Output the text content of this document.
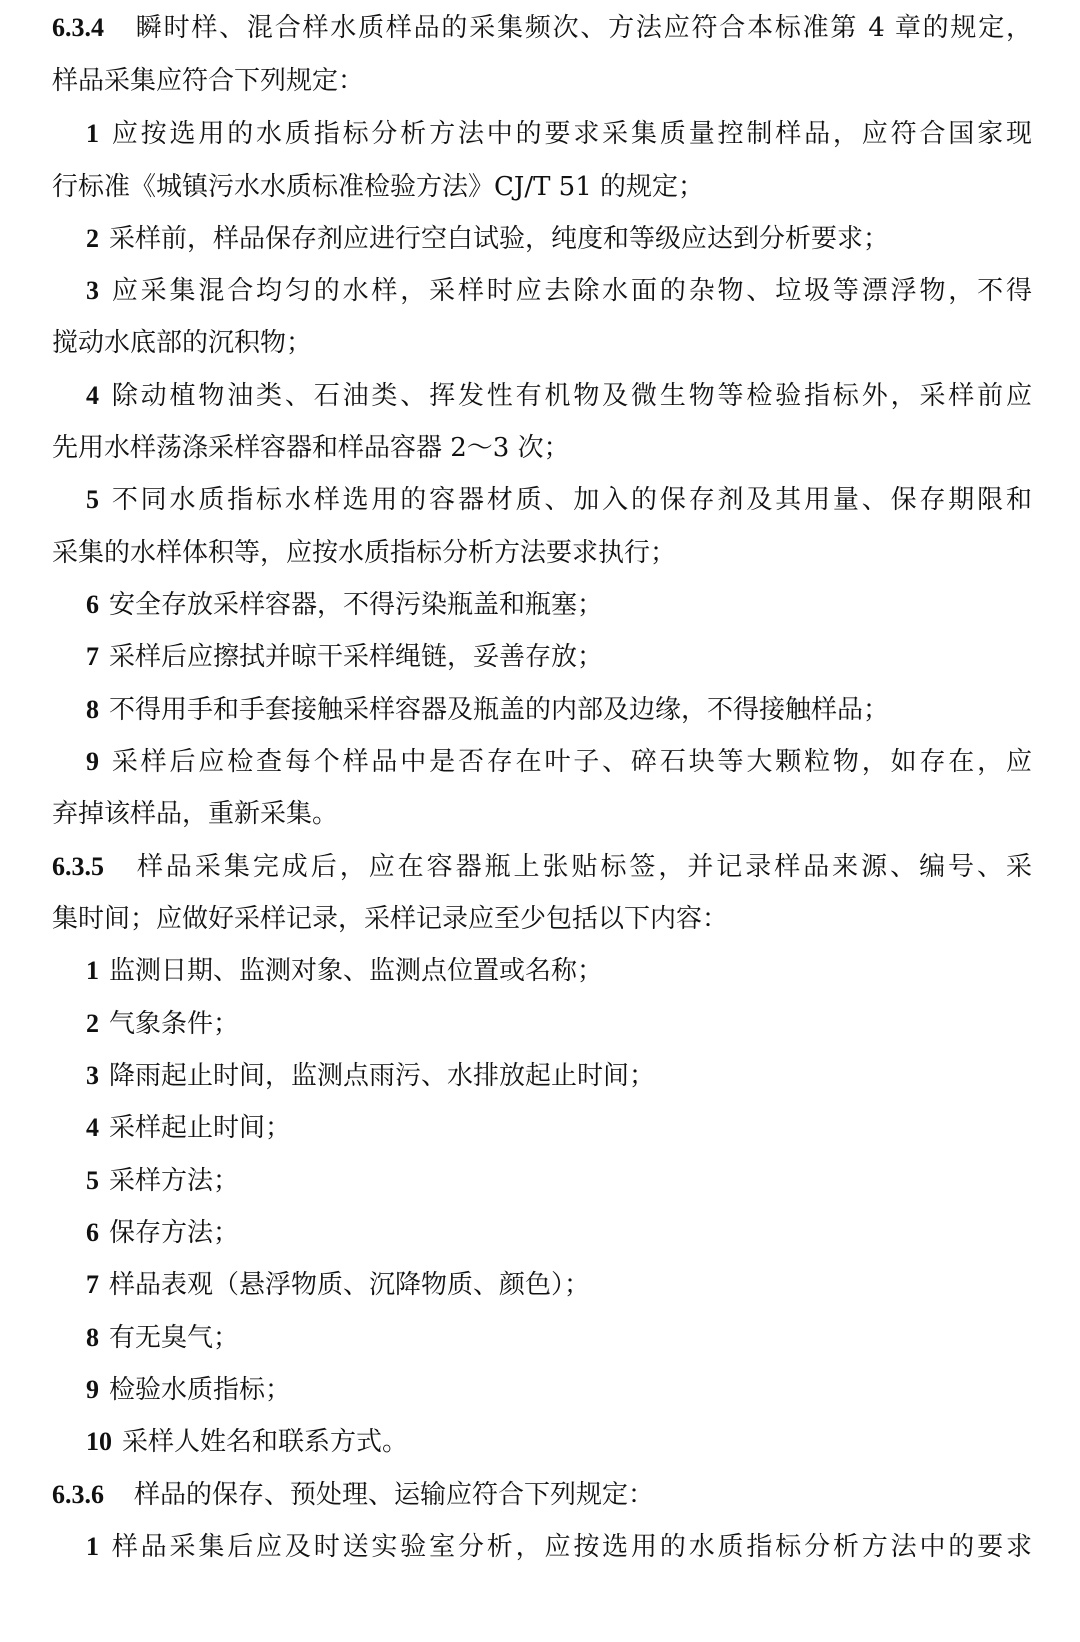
6.3.4 瞬时样、混合样水质样品的采集频次、方法应符合本标准第 4 章的规定，
样品采集应符合下列规定：
1 应按选用的水质指标分析方法中的要求采集质量控制样品，应符合国家现
行标准《城镇污水水质标准检验方法》CJ/T 51 的规定；
2 采样前，样品保存剂应进行空白试验，纯度和等级应达到分析要求；
3 应采集混合均匀的水样，采样时应去除水面的杂物、垃圾等漂浮物，不得
搅动水底部的沉积物；
4 除动植物油类、石油类、挥发性有机物及微生物等检验指标外，采样前应
先用水样荡涤采样容器和样品容器 2～3 次；
5 不同水质指标水样选用的容器材质、加入的保存剂及其用量、保存期限和
采集的水样体积等，应按水质指标分析方法要求执行；
6 安全存放采样容器，不得污染瓶盖和瓶塞；
7 采样后应擦拭并晾干采样绳链，妥善存放；
8 不得用手和手套接触采样容器及瓶盖的内部及边缘，不得接触样品；
9 采样后应检查每个样品中是否存在叶子、碎石块等大颗粒物，如存在，应
弃掉该样品，重新采集。
6.3.5 样品采集完成后，应在容器瓶上张贴标签，并记录样品来源、编号、采
集时间；应做好采样记录，采样记录应至少包括以下内容：
1 监测日期、监测对象、监测点位置或名称；
2 气象条件；
3 降雨起止时间，监测点雨污、水排放起止时间；
4 采样起止时间；
5 采样方法；
6 保存方法；
7 样品表观（悬浮物质、沉降物质、颜色）；
8 有无臭气；
9 检验水质指标；
10 采样人姓名和联系方式。
6.3.6 样品的保存、预处理、运输应符合下列规定：
1 样品采集后应及时送实验室分析，应按选用的水质指标分析方法中的要求
